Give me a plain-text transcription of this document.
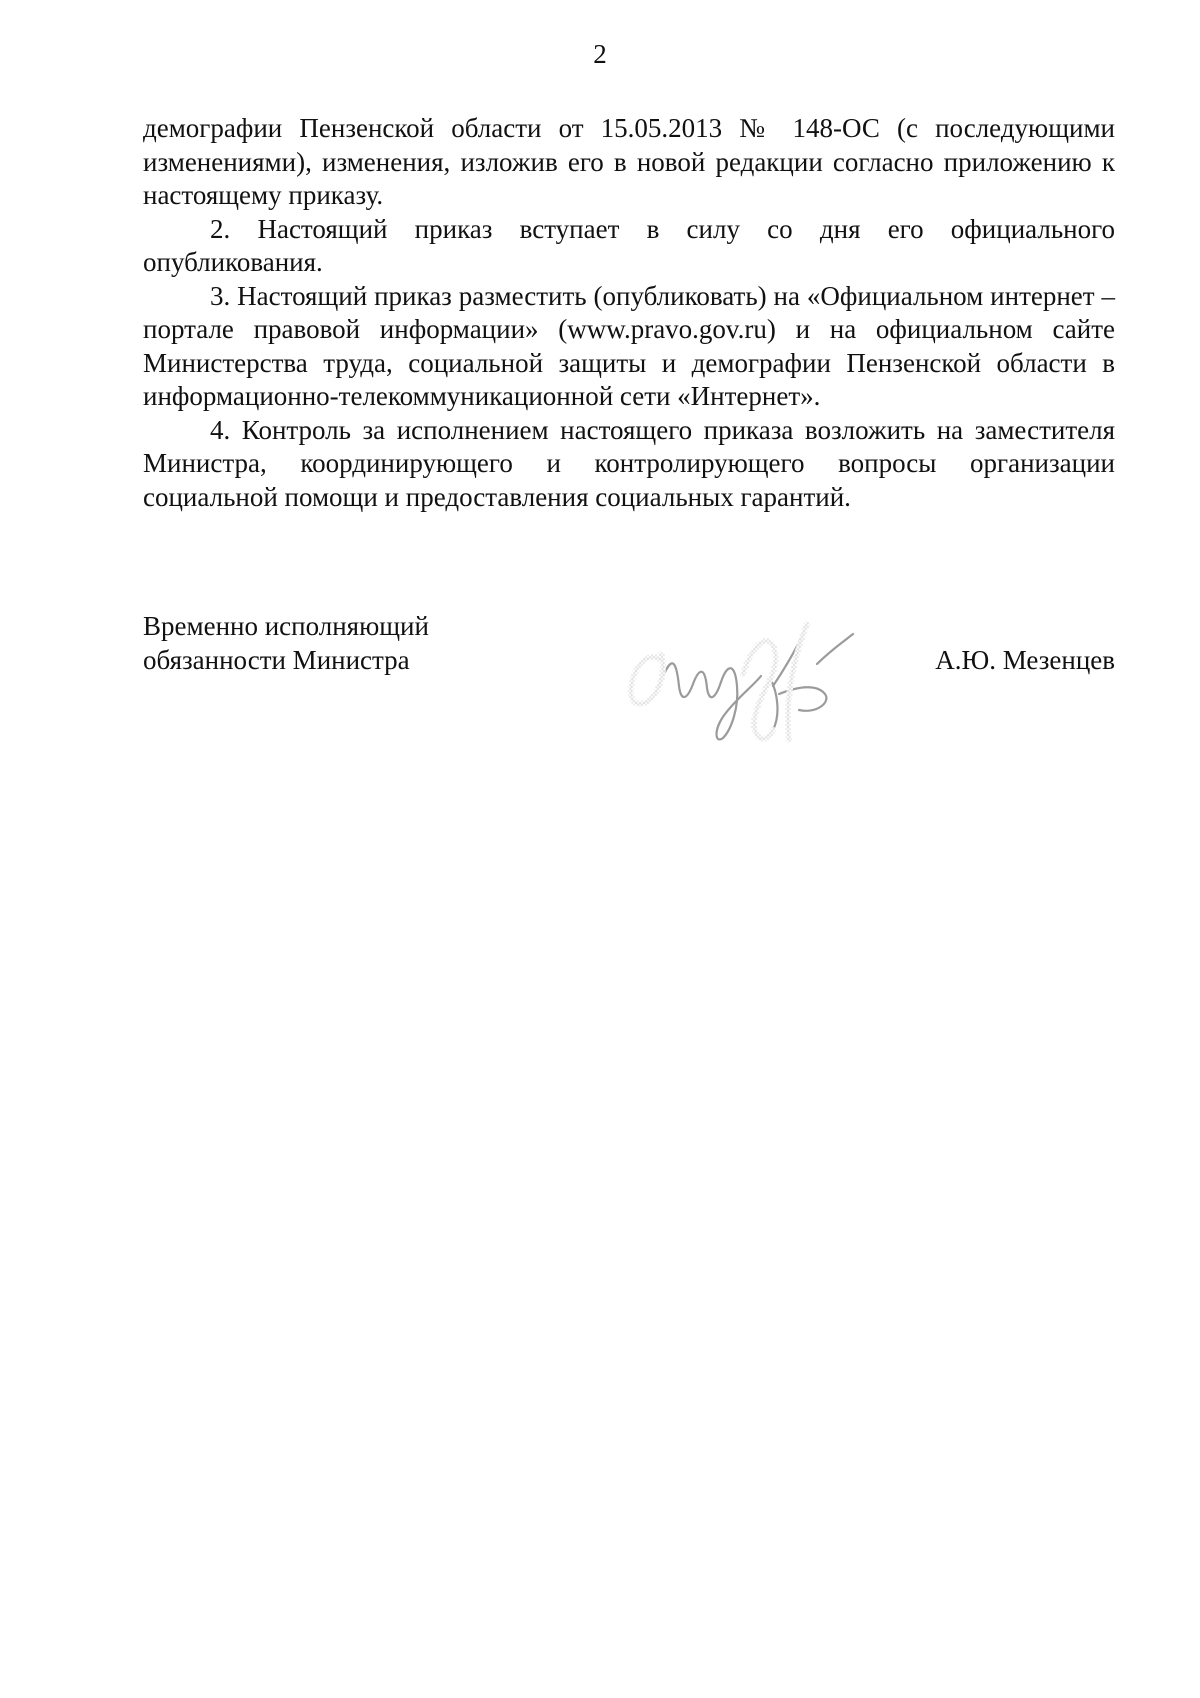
2

демографии Пензенской области от 15.05.2013 № 148-ОС (с последующими изменениями), изменения, изложив его в новой редакции согласно приложению к настоящему приказу.

2. Настоящий приказ вступает в силу со дня его официального опубликования.

3. Настоящий приказ разместить (опубликовать) на «Официальном интернет – портале правовой информации» (www.pravo.gov.ru) и на официальном сайте Министерства труда, социальной защиты и демографии Пензенской области в информационно-телекоммуникационной сети «Интернет».

4. Контроль за исполнением настоящего приказа возложить на заместителя Министра, координирующего и контролирующего вопросы организации социальной помощи и предоставления социальных гарантий.

Временно исполняющий
обязанности Министра	А.Ю. Мезенцев
